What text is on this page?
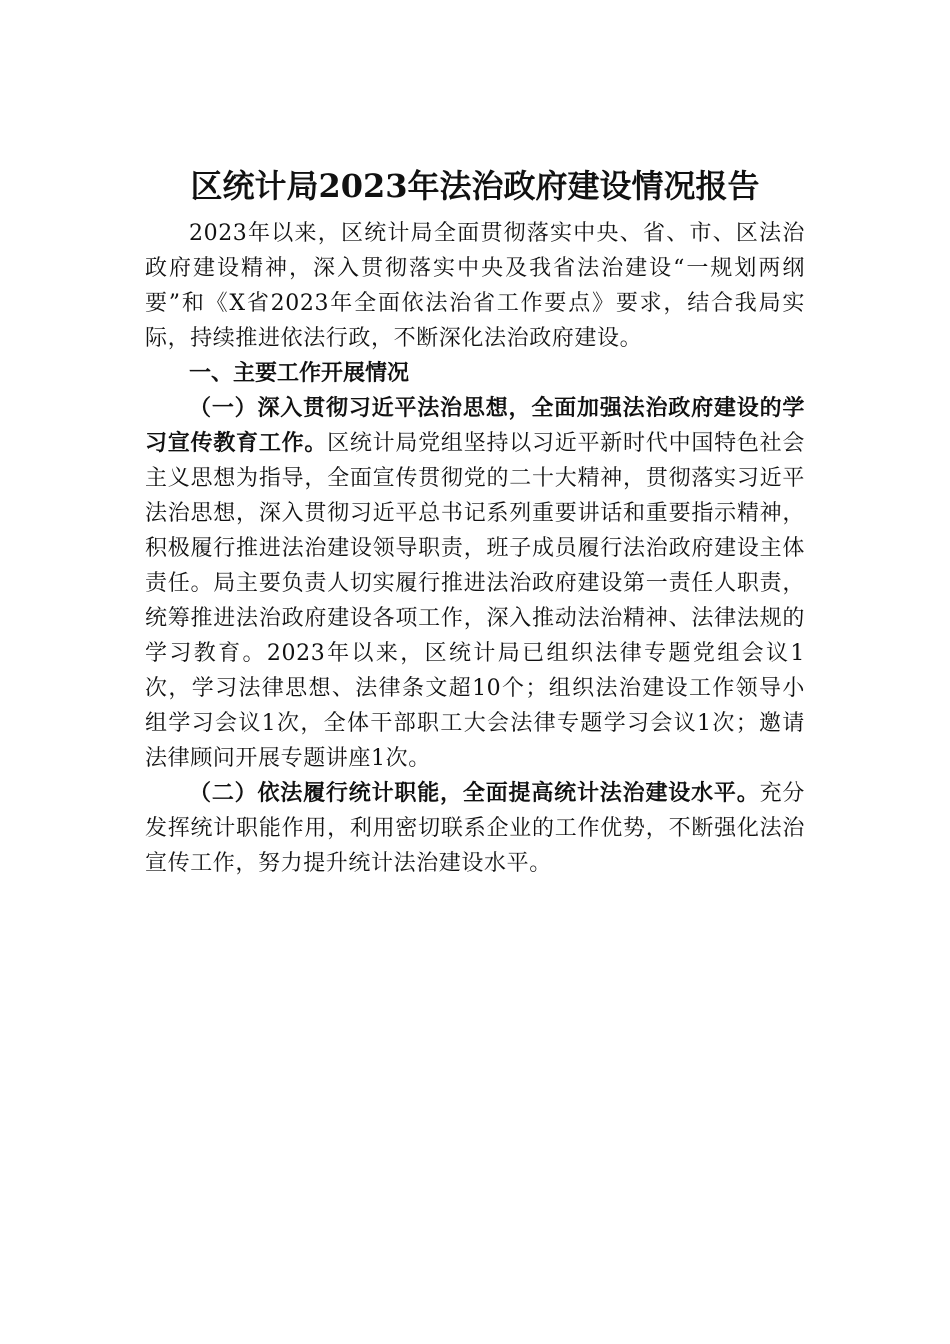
区统计局2023年法治政府建设情况报告

2023年以来，区统计局全面贯彻落实中央、省、市、区法治政府建设精神，深入贯彻落实中央及我省法治建设“一规划两纲要”和《X省2023年全面依法治省工作要点》要求，结合我局实际，持续推进依法行政，不断深化法治政府建设。

一、主要工作开展情况

（一）深入贯彻习近平法治思想，全面加强法治政府建设的学习宣传教育工作。区统计局党组坚持以习近平新时代中国特色社会主义思想为指导，全面宣传贯彻党的二十大精神，贯彻落实习近平法治思想，深入贯彻习近平总书记系列重要讲话和重要指示精神，积极履行推进法治建设领导职责，班子成员履行法治政府建设主体责任。局主要负责人切实履行推进法治政府建设第一责任人职责，统筹推进法治政府建设各项工作，深入推动法治精神、法律法规的学习教育。2023年以来，区统计局已组织法律专题党组会议1次，学习法律思想、法律条文超10个；组织法治建设工作领导小组学习会议1次，全体干部职工大会法律专题学习会议1次；邀请法律顾问开展专题讲座1次。

（二）依法履行统计职能，全面提高统计法治建设水平。充分发挥统计职能作用，利用密切联系企业的工作优势，不断强化法治宣传工作，努力提升统计法治建设水平。
